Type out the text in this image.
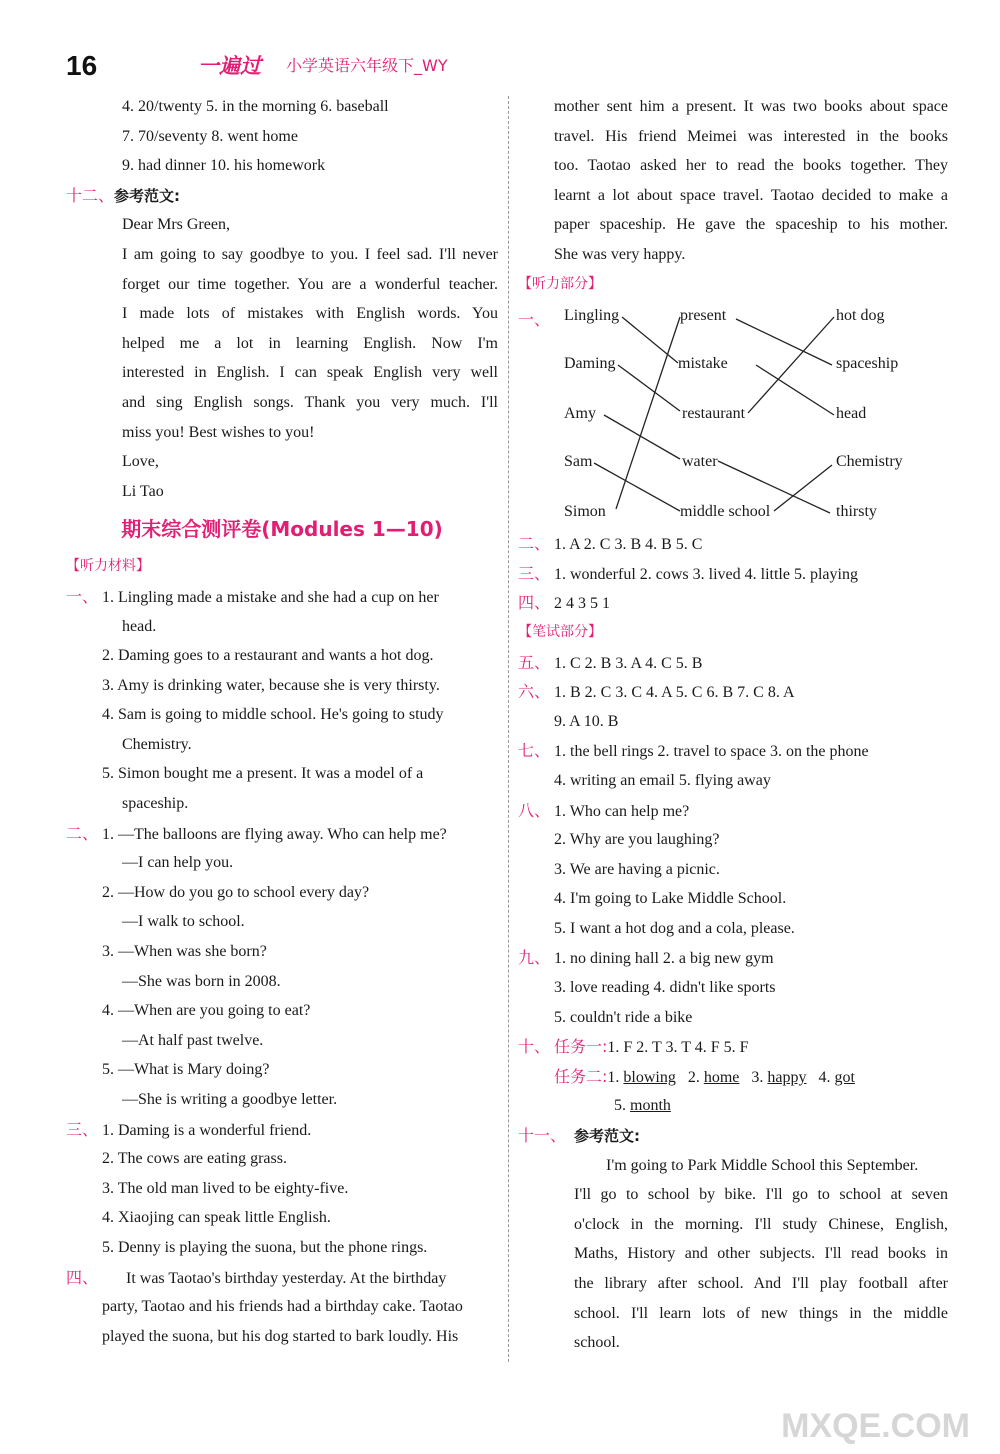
16	一遍过 小学英语六年级下_WY
4. 20/twenty 5. in the morning 6. baseball
7. 70/seventy 8. went home
9. had dinner 10. his homework
十二、参考范文:
Dear Mrs Green,
I am going to say goodbye to you. I feel sad. I'll never
forget our time together. You are a wonderful teacher.
I made lots of mistakes with English words. You
helped me a lot in learning English. Now I'm
interested in English. I can speak English very well
and sing English songs. Thank you very much. I'll
miss you! Best wishes to you!
Love,
Li Tao
期末综合测评卷(Modules 1—10)
【听力材料】
一、 1. Lingling made a mistake and she had a cup on her
head.
2. Daming goes to a restaurant and wants a hot dog.
3. Amy is drinking water, because she is very thirsty.
4. Sam is going to middle school. He's going to study
Chemistry.
5. Simon bought me a present. It was a model of a
spaceship.
二、 1. —The balloons are flying away. Who can help me?
—I can help you.
2. —How do you go to school every day?
—I walk to school.
3. —When was she born?
—She was born in 2008.
4. —When are you going to eat?
—At half past twelve.
5. —What is Mary doing?
—She is writing a goodbye letter.
三、 1. Daming is a wonderful friend.
2. The cows are eating grass.
3. The old man lived to be eighty-five.
4. Xiaojing can speak little English.
5. Denny is playing the suona, but the phone rings.
四、 It was Taotao's birthday yesterday. At the birthday
party, Taotao and his friends had a birthday cake. Taotao
played the suona, but his dog started to bark loudly. His
mother sent him a present. It was two books about space
travel. His friend Meimei was interested in the books
too. Taotao asked her to read the books together. They
learnt a lot about space travel. Taotao decided to make a
paper spaceship. He gave the spaceship to his mother.
She was very happy.
【听力部分】
一、 Lingling
Daming
Amy
Sam
Simon
present
mistake
restaurant
water
middle school
hot dog
spaceship
head
Chemistry
thirsty
二、 1. A 2. C 3. B 4. B 5. C
三、 1. wonderful 2. cows 3. lived 4. little 5. playing
四、 2 4 3 5 1
【笔试部分】
五、 1. C 2. B 3. A 4. C 5. B
六、 1. B 2. C 3. C 4. A 5. C 6. B 7. C 8. A
9. A 10. B
七、 1. the bell rings 2. travel to space 3. on the phone
4. writing an email 5. flying away
八、 1. Who can help me?
2. Why are you laughing?
3. We are having a picnic.
4. I'm going to Lake Middle School.
5. I want a hot dog and a cola, please.
九、 1. no dining hall 2. a big new gym
3. love reading 4. didn't like sports
5. couldn't ride a bike
十、 任务一:1. F 2. T 3. T 4. F 5. F
任务二:1. blowing   2. home   3. happy   4. got
5. month
十一、 参考范文:
I'm going to Park Middle School this September.
I'll go to school by bike. I'll go to school at seven
o'clock in the morning. I'll study Chinese, English,
Maths, History and other subjects. I'll read books in
the library after school. And I'll play football after
school. I'll learn lots of new things in the middle
school.
MXQE.COM
